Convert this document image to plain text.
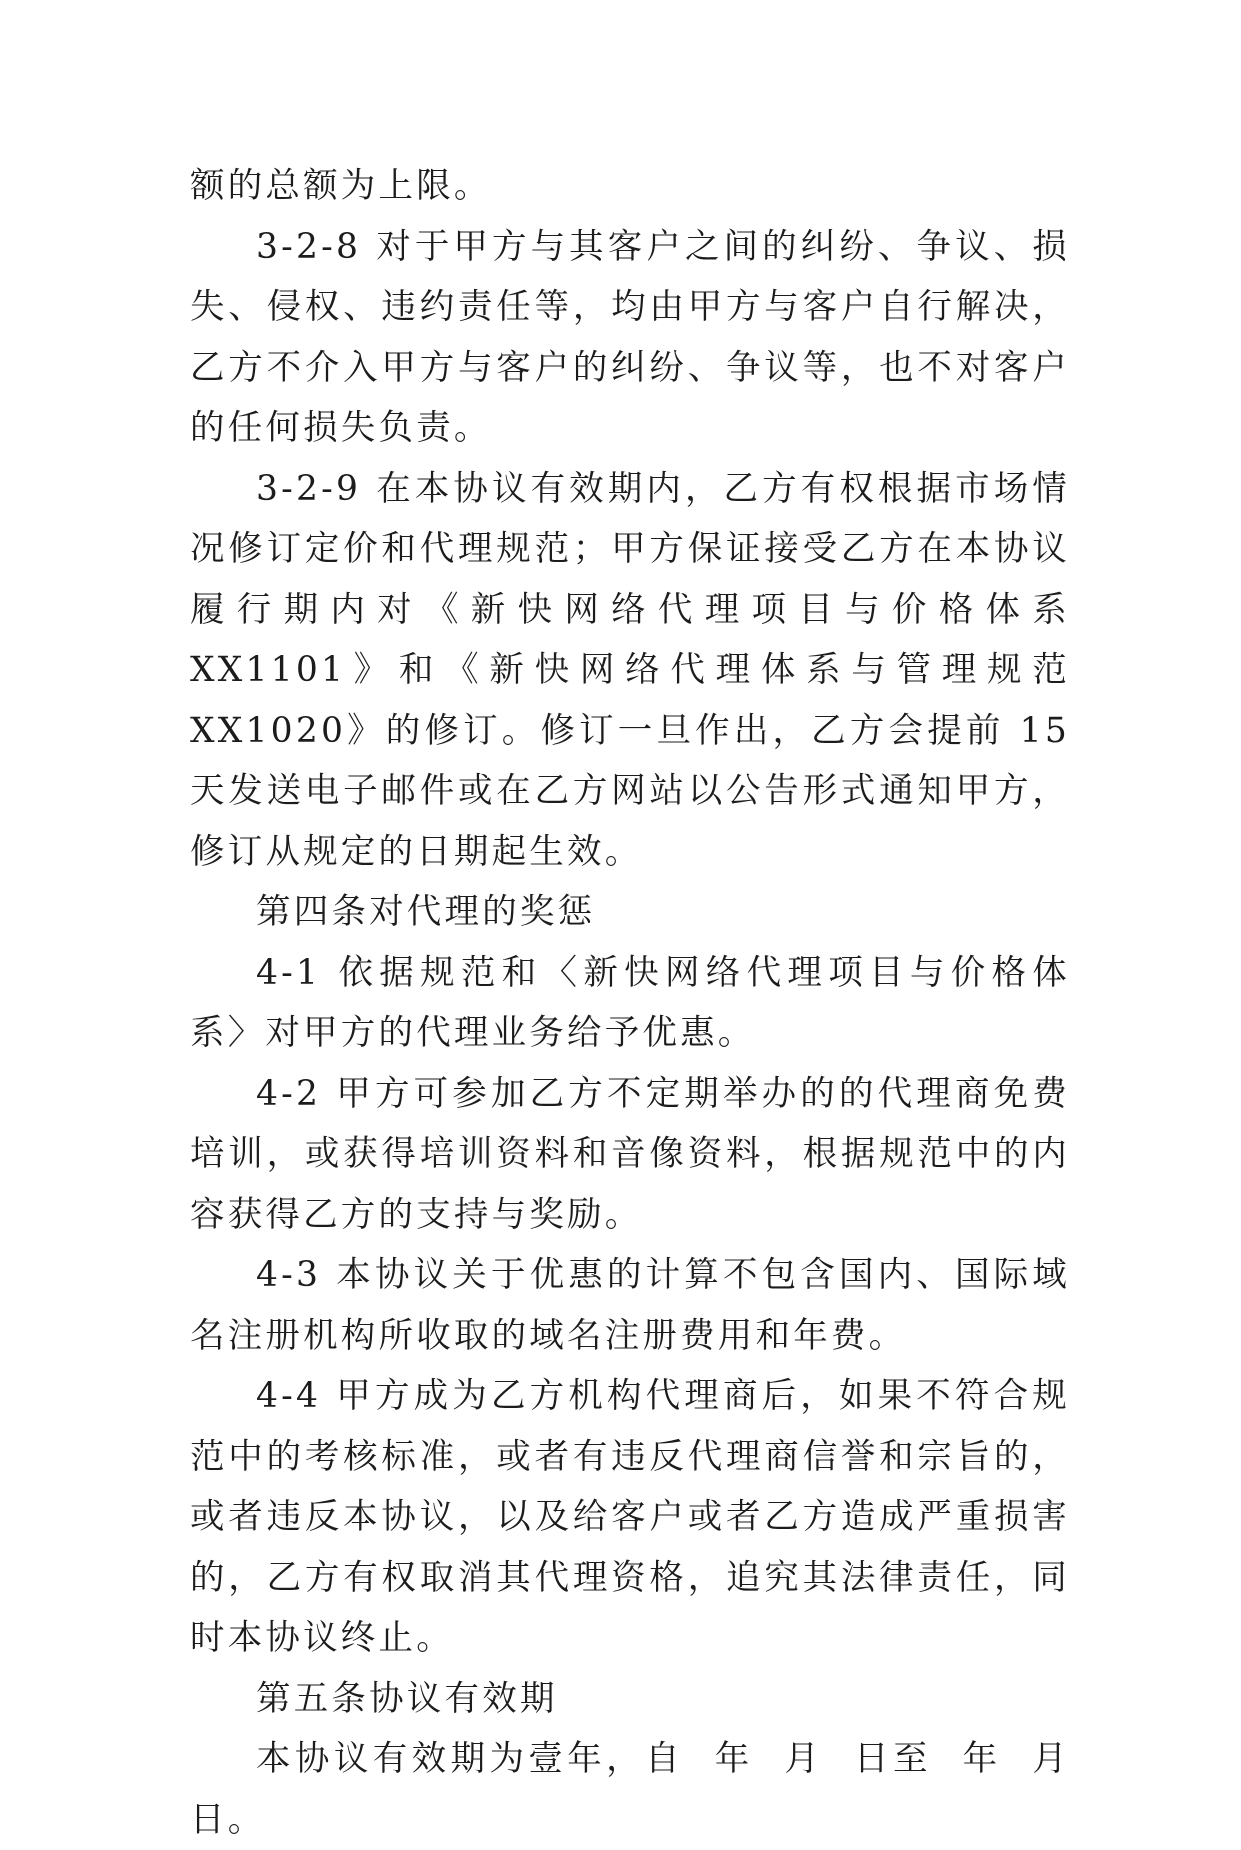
额的总额为上限。

3-2-8 对于甲方与其客户之间的纠纷、争议、损失、侵权、违约责任等，均由甲方与客户自行解决，乙方不介入甲方与客户的纠纷、争议等，也不对客户的任何损失负责。

3-2-9 在本协议有效期内，乙方有权根据市场情况修订定价和代理规范；甲方保证接受乙方在本协议履行期内对《新快网络代理项目与价格体系 XX1101》和《新快网络代理体系与管理规范 XX1020》的修订。修订一旦作出，乙方会提前 15 天发送电子邮件或在乙方网站以公告形式通知甲方，修订从规定的日期起生效。

第四条对代理的奖惩

4-1 依据规范和〈新快网络代理项目与价格体系〉对甲方的代理业务给予优惠。

4-2 甲方可参加乙方不定期举办的的代理商免费培训，或获得培训资料和音像资料，根据规范中的内容获得乙方的支持与奖励。

4-3 本协议关于优惠的计算不包含国内、国际域名注册机构所收取的域名注册费用和年费。

4-4 甲方成为乙方机构代理商后，如果不符合规范中的考核标准，或者有违反代理商信誉和宗旨的，或者违反本协议，以及给客户或者乙方造成严重损害的，乙方有权取消其代理资格，追究其法律责任，同时本协议终止。

第五条协议有效期

本协议有效期为壹年，自  年  月  日至  年  月  日。
